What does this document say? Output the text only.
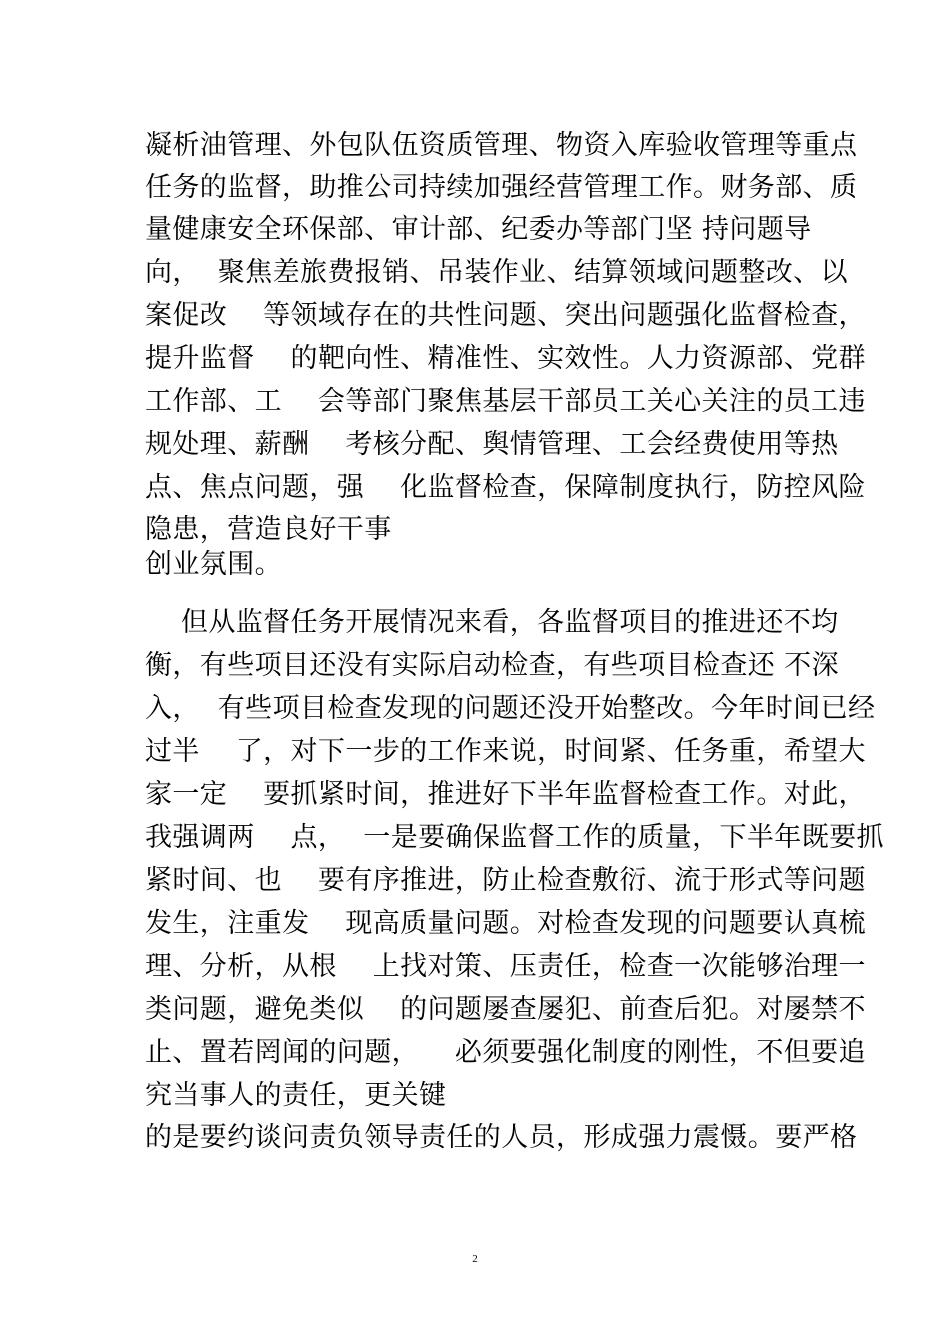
凝析油管理、外包队伍资质管理、物资入库验收管理等重点
任务的监督，助推公司持续加强经营管理工作。财务部、质
量健康安全环保部、审计部、纪委办等部门坚 持问题导
向，  聚焦差旅费报销、吊装作业、结算领域问题整改、以
案促改    等领域存在的共性问题、突出问题强化监督检查，
提升监督    的靶向性、精准性、实效性。人力资源部、党群
工作部、工    会等部门聚焦基层干部员工关心关注的员工违
规处理、薪酬    考核分配、舆情管理、工会经费使用等热
点、焦点问题，强    化监督检查，保障制度执行，防控风险
隐患，营造良好干事
创业氛围。
但从监督任务开展情况来看，各监督项目的推进还不均
衡，有些项目还没有实际启动检查，有些项目检查还 不深
入，  有些项目检查发现的问题还没开始整改。今年时间已经
过半    了，对下一步的工作来说，时间紧、任务重，希望大
家一定    要抓紧时间，推进好下半年监督检查工作。对此，
我强调两    点，  一是要确保监督工作的质量，下半年既要抓
紧时间、也    要有序推进，防止检查敷衍、流于形式等问题
发生，注重发    现高质量问题。对检查发现的问题要认真梳
理、分析，从根    上找对策、压责任，检查一次能够治理一
类问题，避免类似    的问题屡查屡犯、前查后犯。对屡禁不
止、置若罔闻的问题，    必须要强化制度的刚性，不但要追
究当事人的责任，更关键
的是要约谈问责负领导责任的人员，形成强力震慑。要严格
2
